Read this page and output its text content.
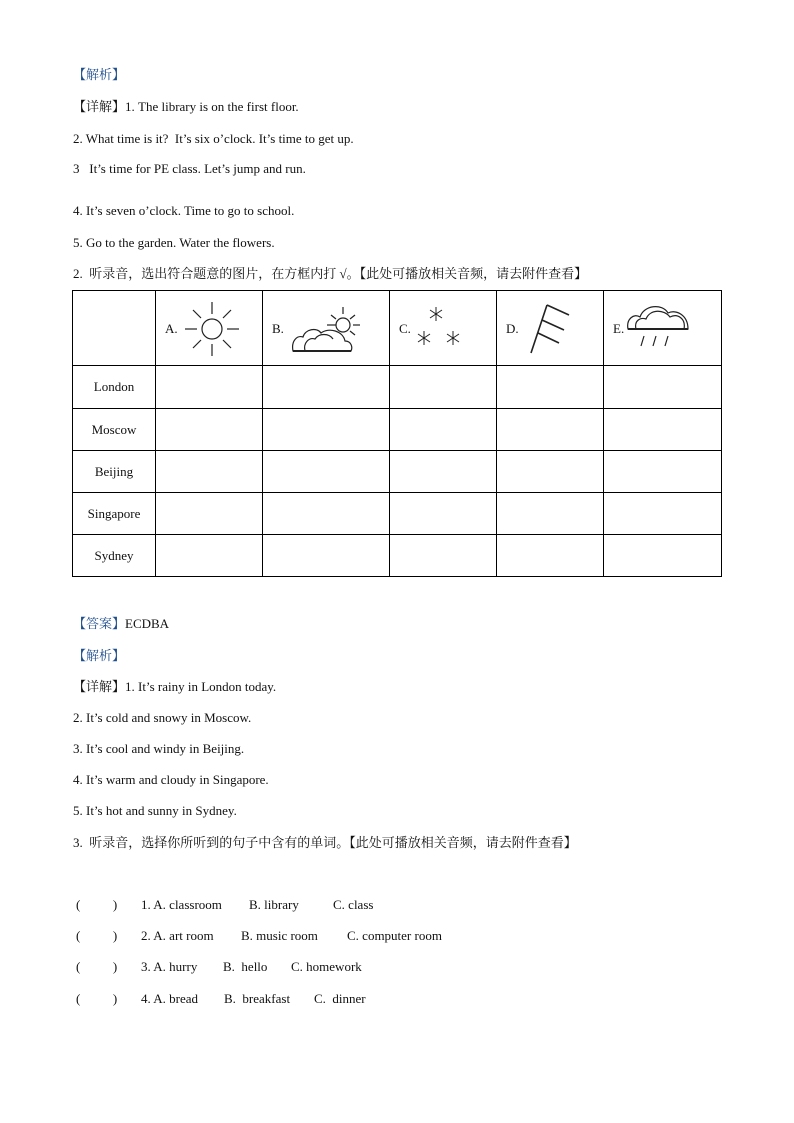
【解析】
【详解】1. The library is on the first floor.
2. What time is it?  It’s six o’clock. It’s time to get up.
3   It’s time for PE class. Let’s jump and run.
4. It’s seven o’clock. Time to go to school.
5. Go to the garden. Water the flowers.
2.  听录音，选出符合题意的图片，在方框内打 √。【此处可播放相关音频，请去附件查看】

	A.	B.	C.	D.	E.

London					
Moscow					
Beijing					
Singapore					
Sydney					
【答案】ECDBA
【解析】
【详解】1. It’s rainy in London today.
2. It’s cold and snowy in Moscow.
3. It’s cool and windy in Beijing.
4. It’s warm and cloudy in Singapore.
5. It’s hot and sunny in Sydney.
3.  听录音，选择你所听到的句子中含有的单词。【此处可播放相关音频，请去附件查看】
(          ) 1. A. classroom B. library	C. class
(          ) 2. A. art room B. music room C. computer room
(          ) 3. A. hurry B.  hello C. homework
(          ) 4. A. bread B.  breakfast C.  dinner
